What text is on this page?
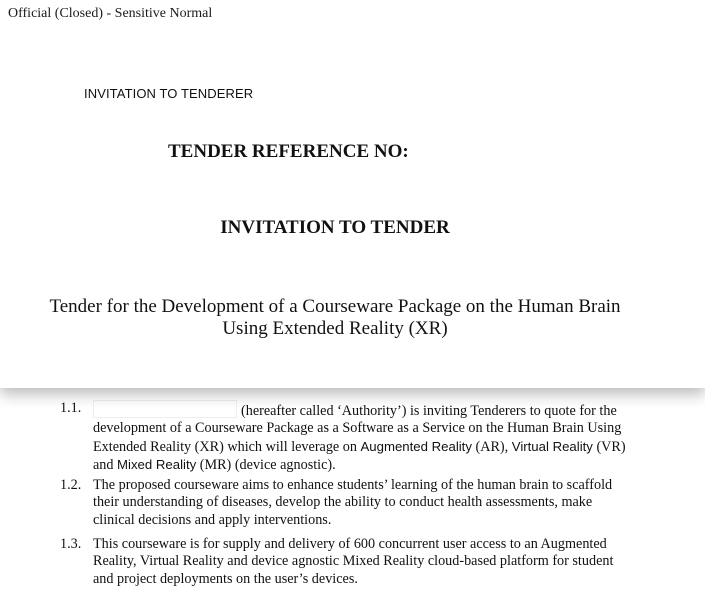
Official (Closed) - Sensitive Normal
INVITATION TO TENDERER
TENDER REFERENCE NO:
INVITATION TO TENDER
Tender for the Development of a Courseware Package on the Human Brain
Using Extended Reality (XR)
1.1.	(hereafter called ‘Authority’) is inviting Tenderers to quote for the
development of a Courseware Package as a Software as a Service on the Human Brain Using
Extended Reality (XR) which will leverage on Augmented Reality (AR), Virtual Reality (VR)
and Mixed Reality (MR) (device agnostic).
1.2. The proposed courseware aims to enhance students’ learning of the human brain to scaffold
their understanding of diseases, develop the ability to conduct health assessments, make
clinical decisions and apply interventions.
1.3. This courseware is for supply and delivery of 600 concurrent user access to an Augmented
Reality, Virtual Reality and device agnostic Mixed Reality cloud-based platform for student
and project deployments on the user’s devices.
